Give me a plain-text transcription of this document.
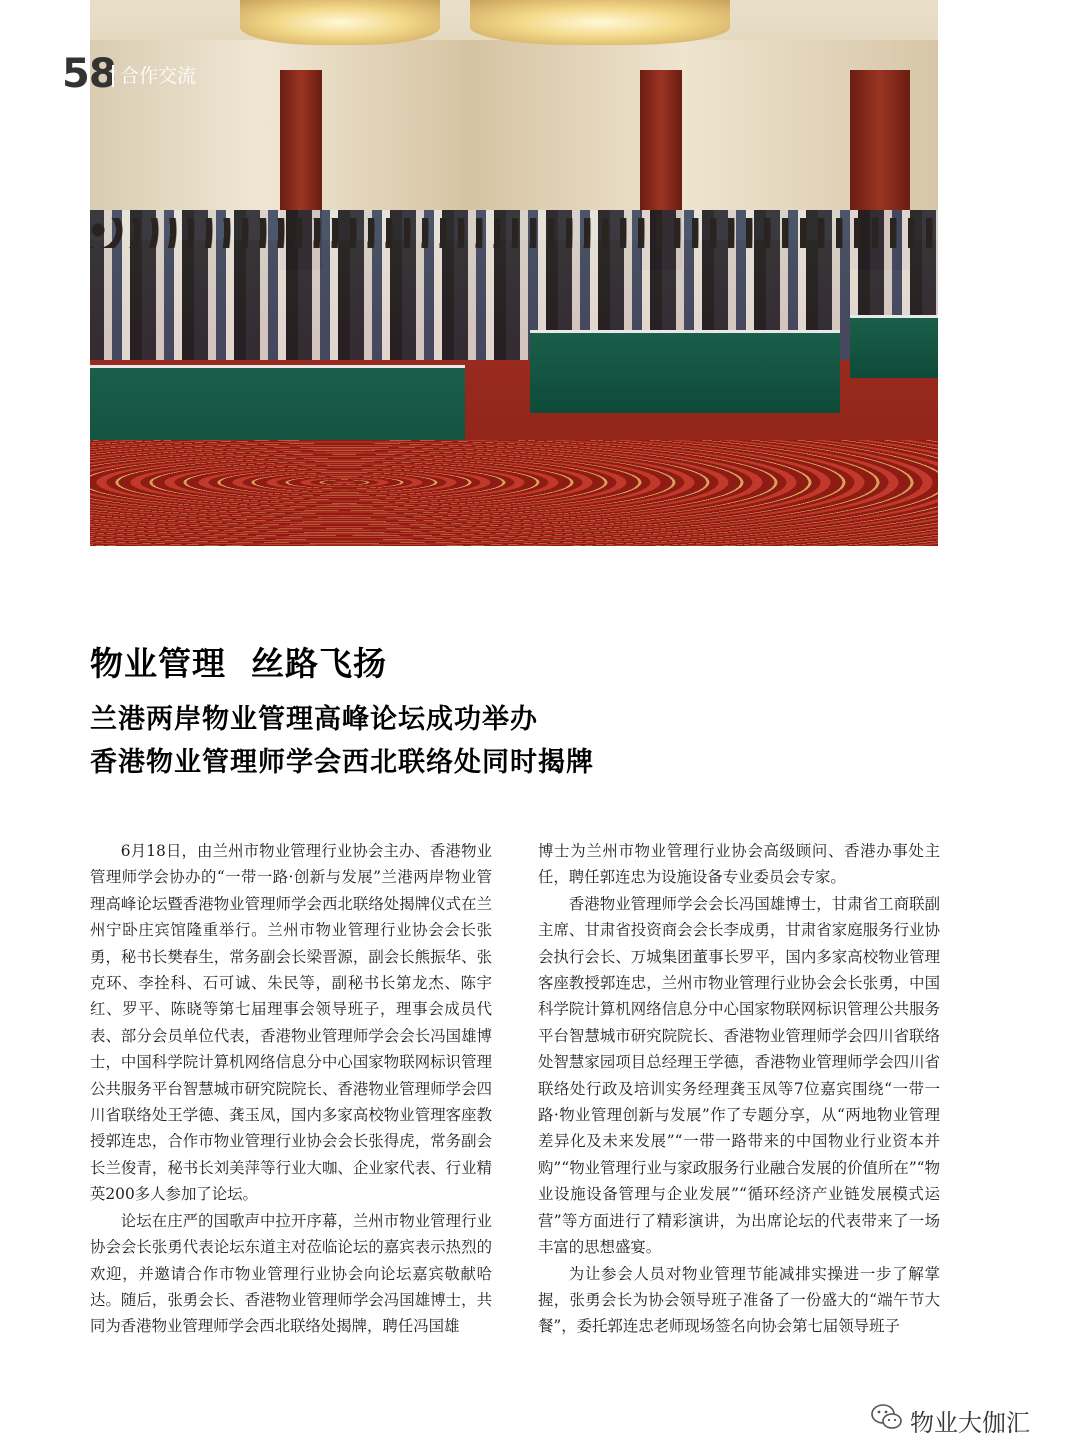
58 合作交流
物业管理  丝路飞扬
兰港两岸物业管理高峰论坛成功举办
香港物业管理师学会西北联络处同时揭牌

6月18日，由兰州市物业管理行业协会主办、香港物业管理师学会协办的“一带一路·创新与发展”兰港两岸物业管理高峰论坛暨香港物业管理师学会西北联络处揭牌仪式在兰州宁卧庄宾馆隆重举行。兰州市物业管理行业协会会长张勇，秘书长樊春生，常务副会长梁晋源，副会长熊振华、张克环、李拴科、石可诚、朱民等，副秘书长第龙杰、陈宇红、罗平、陈晓等第七届理事会领导班子，理事会成员代表、部分会员单位代表，香港物业管理师学会会长冯国雄博士，中国科学院计算机网络信息分中心国家物联网标识管理公共服务平台智慧城市研究院院长、香港物业管理师学会四川省联络处王学德、龚玉凤，国内多家高校物业管理客座教授郭连忠，合作市物业管理行业协会会长张得虎，常务副会长兰俊青，秘书长刘美萍等行业大咖、企业家代表、行业精英200多人参加了论坛。

论坛在庄严的国歌声中拉开序幕，兰州市物业管理行业协会会长张勇代表论坛东道主对莅临论坛的嘉宾表示热烈的欢迎，并邀请合作市物业管理行业协会向论坛嘉宾敬献哈达。随后，张勇会长、香港物业管理师学会冯国雄博士，共同为香港物业管理师学会西北联络处揭牌，聘任冯国雄

博士为兰州市物业管理行业协会高级顾问、香港办事处主任，聘任郭连忠为设施设备专业委员会专家。

香港物业管理师学会会长冯国雄博士，甘肃省工商联副主席、甘肃省投资商会会长李成勇，甘肃省家庭服务行业协会执行会长、万城集团董事长罗平，国内多家高校物业管理客座教授郭连忠，兰州市物业管理行业协会会长张勇，中国科学院计算机网络信息分中心国家物联网标识管理公共服务平台智慧城市研究院院长、香港物业管理师学会四川省联络处智慧家园项目总经理王学德，香港物业管理师学会四川省联络处行政及培训实务经理龚玉凤等7位嘉宾围绕“一带一路·物业管理创新与发展”作了专题分享，从“两地物业管理差异化及未来发展”“一带一路带来的中国物业行业资本并购”“物业管理行业与家政服务行业融合发展的价值所在”“物业设施设备管理与企业发展”“循环经济产业链发展模式运营”等方面进行了精彩演讲，为出席论坛的代表带来了一场丰富的思想盛宴。

为让参会人员对物业管理节能减排实操进一步了解掌握，张勇会长为协会领导班子准备了一份盛大的“端午节大餐”，委托郭连忠老师现场签名向协会第七届领导班子

物业大伽汇
